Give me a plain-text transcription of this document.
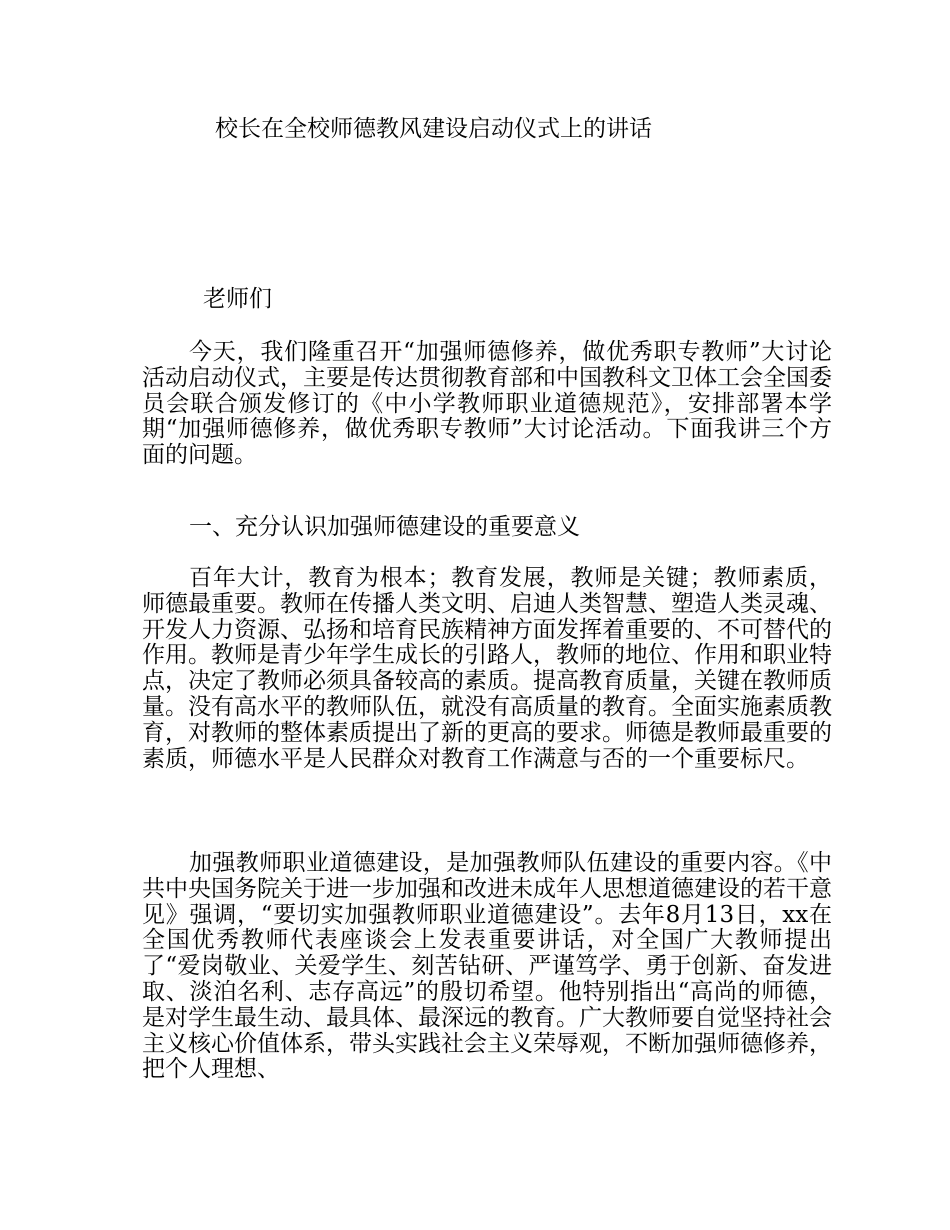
校长在全校师德教风建设启动仪式上的讲话
老师们

今天，我们隆重召开“加强师德修养，做优秀职专教师”大讨论活动启动仪式，主要是传达贯彻教育部和中国教科文卫体工会全国委员会联合颁发修订的《中小学教师职业道德规范》，安排部署本学期“加强师德修养，做优秀职专教师”大讨论活动。下面我讲三个方面的问题。

一、充分认识加强师德建设的重要意义

百年大计，教育为根本；教育发展，教师是关键；教师素质，师德最重要。教师在传播人类文明、启迪人类智慧、塑造人类灵魂、开发人力资源、弘扬和培育民族精神方面发挥着重要的、不可替代的作用。教师是青少年学生成长的引路人，教师的地位、作用和职业特点，决定了教师必须具备较高的素质。提高教育质量，关键在教师质量。没有高水平的教师队伍，就没有高质量的教育。全面实施素质教育，对教师的整体素质提出了新的更高的要求。师德是教师最重要的素质，师德水平是人民群众对教育工作满意与否的一个重要标尺。

加强教师职业道德建设，是加强教师队伍建设的重要内容。《中共中央国务院关于进一步加强和改进未成年人思想道德建设的若干意见》强调，“要切实加强教师职业道德建设”。去年8月13日，xx在全国优秀教师代表座谈会上发表重要讲话，对全国广大教师提出了“爱岗敬业、关爱学生、刻苦钻研、严谨笃学、勇于创新、奋发进取、淡泊名利、志存高远”的殷切希望。他特别指出“高尚的师德，是对学生最生动、最具体、最深远的教育。广大教师要自觉坚持社会主义核心价值体系，带头实践社会主义荣辱观，不断加强师德修养，把个人理想、
